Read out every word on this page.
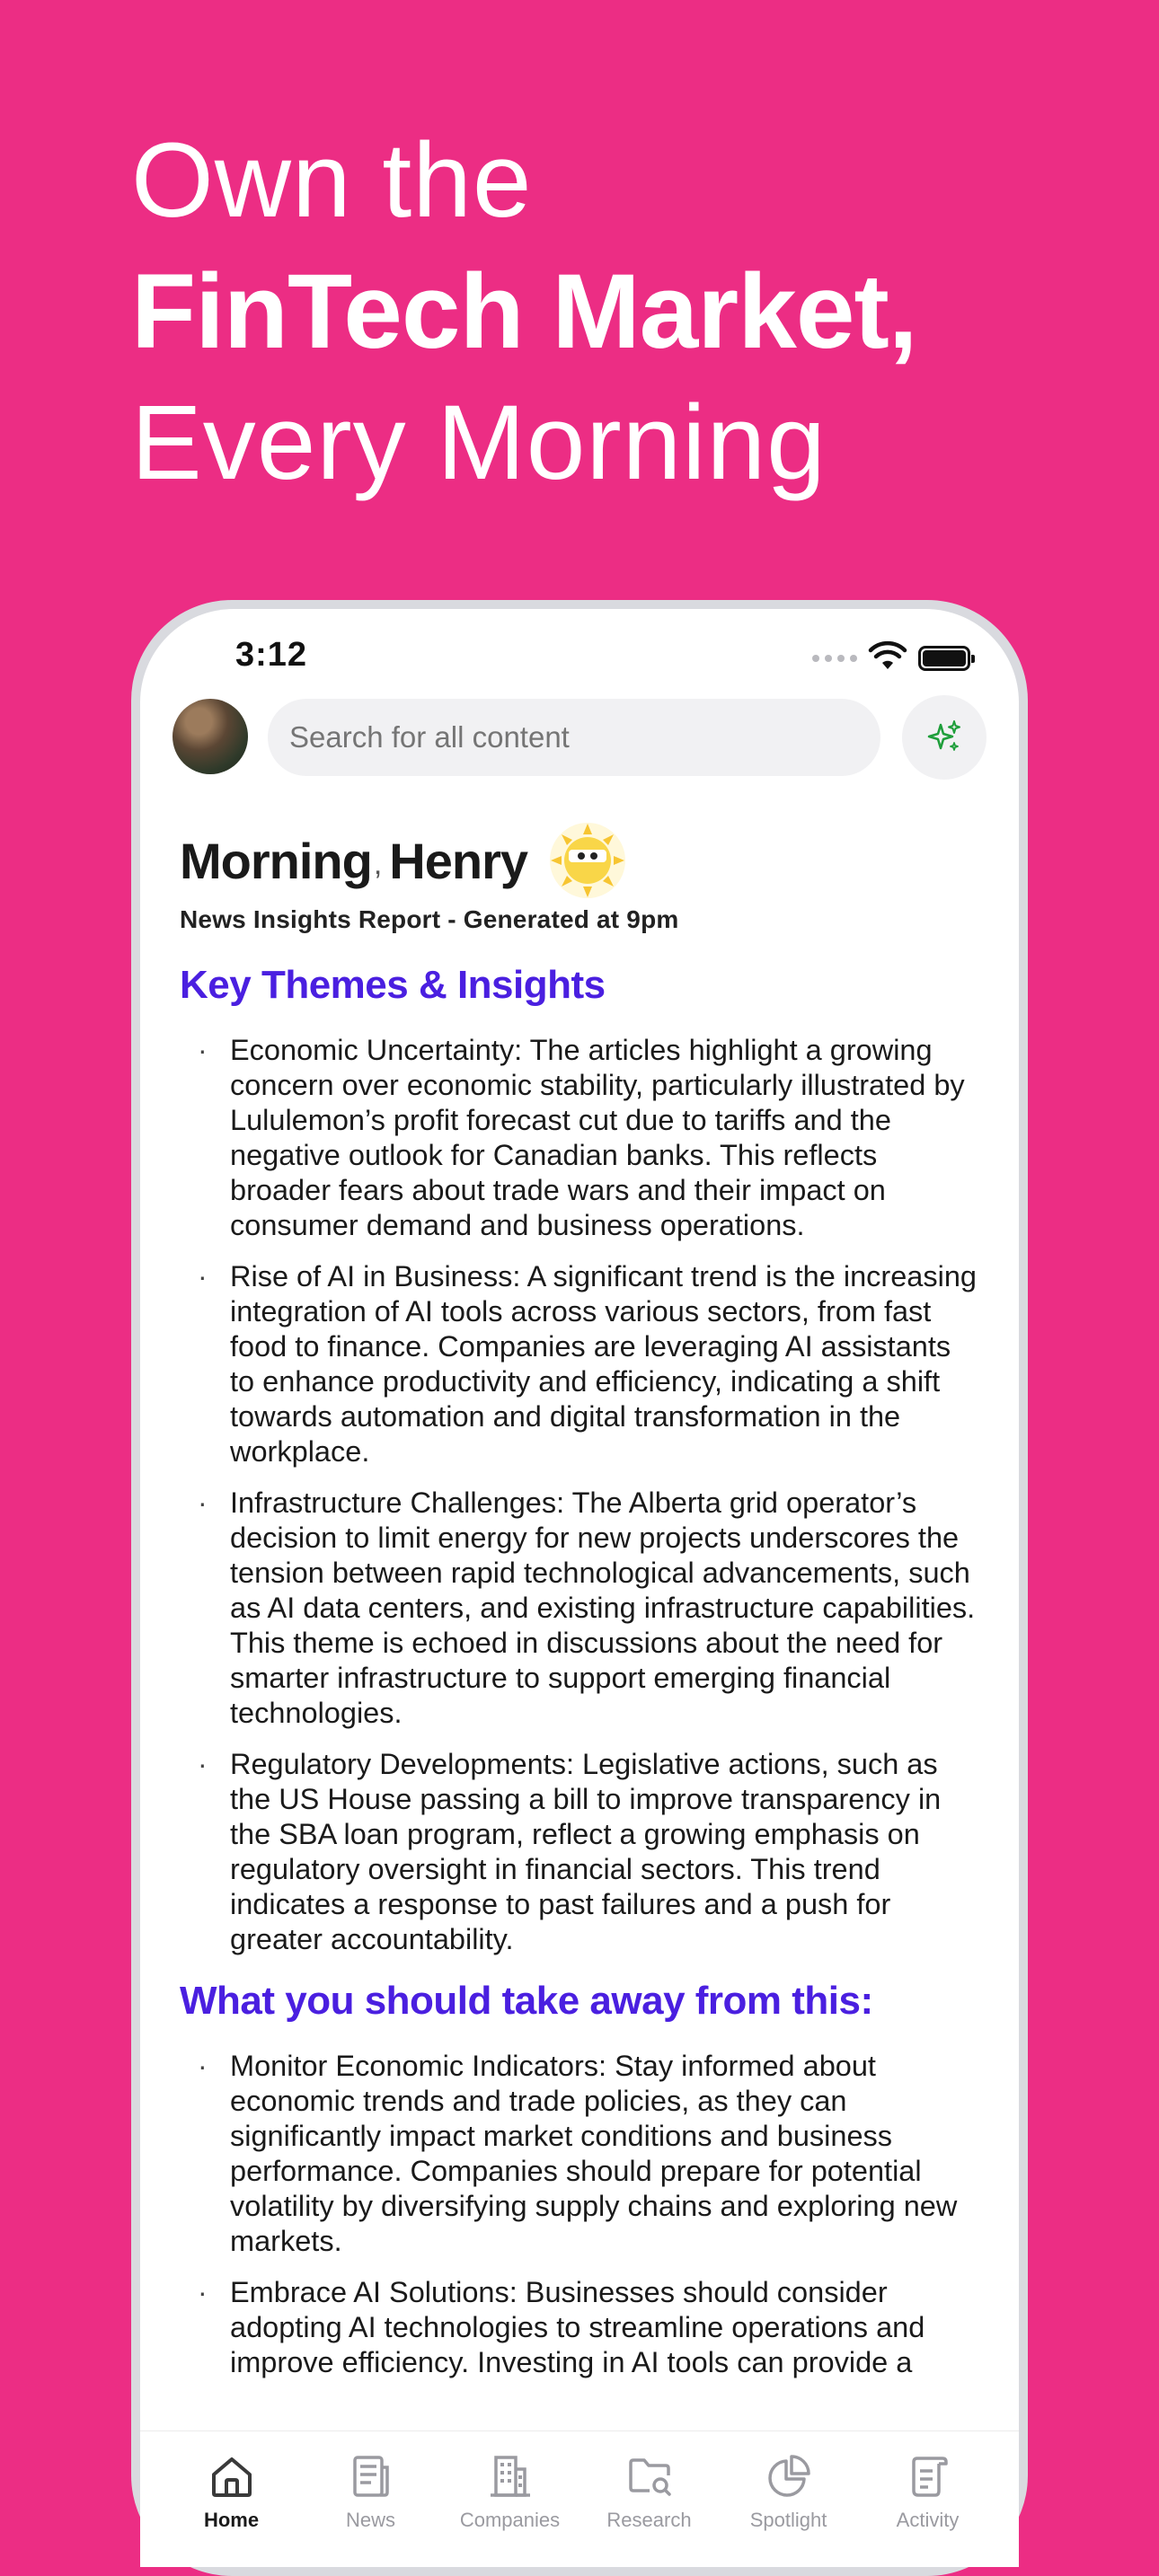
Own the
FinTech Market,
Every Morning
3:12
Search for all content
Morning , Henry
News Insights Report - Generated at 9pm
Key Themes & Insights
· Economic Uncertainty: The articles highlight a growing concern over economic stability, particularly illustrated by Lululemon’s profit forecast cut due to tariffs and the negative outlook for Canadian banks. This reflects broader fears about trade wars and their impact on consumer demand and business operations.
· Rise of AI in Business: A significant trend is the increasing integration of AI tools across various sectors, from fast food to finance. Companies are leveraging AI assistants to enhance productivity and efficiency, indicating a shift towards automation and digital transformation in the workplace.
· Infrastructure Challenges: The Alberta grid operator’s decision to limit energy for new projects underscores the tension between rapid technological advancements, such as AI data centers, and existing infrastructure capabilities. This theme is echoed in discussions about the need for smarter infrastructure to support emerging financial technologies.
· Regulatory Developments: Legislative actions, such as the US House passing a bill to improve transparency in the SBA loan program, reflect a growing emphasis on regulatory oversight in financial sectors. This trend indicates a response to past failures and a push for greater accountability.
What you should take away from this:
· Monitor Economic Indicators: Stay informed about economic trends and trade policies, as they can significantly impact market conditions and business performance. Companies should prepare for potential volatility by diversifying supply chains and exploring new markets.
· Embrace AI Solutions: Businesses should consider adopting AI technologies to streamline operations and improve efficiency. Investing in AI tools can provide a
Home	News	Companies Research	Spotlight	Activity
